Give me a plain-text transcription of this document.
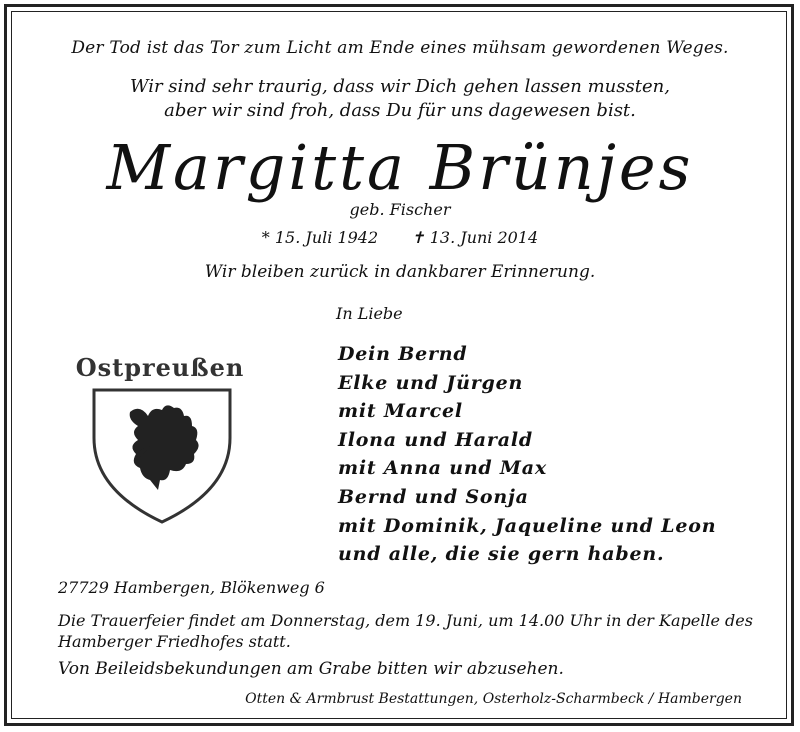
Der Tod ist das Tor zum Licht am Ende eines mühsam gewordenen Weges.
Wir sind sehr traurig, dass wir Dich gehen lassen mussten,
aber wir sind froh, dass Du für uns dagewesen bist.
Margitta Brünjes
geb. Fischer
* 15. Juli 1942 ✝ 13. Juni 2014
Wir bleiben zurück in dankbarer Erinnerung.
In Liebe
Dein Bernd
Elke und Jürgen
mit Marcel
Ilona und Harald
mit Anna und Max
Bernd und Sonja
mit Dominik, Jaqueline und Leon
und alle, die sie gern haben.
Ostpreußen
27729 Hambergen, Blökenweg 6
Die Trauerfeier findet am Donnerstag, dem 19. Juni, um 14.00 Uhr in der Kapelle des Hamberger Friedhofes statt.
Von Beileidsbekundungen am Grabe bitten wir abzusehen.
Otten & Armbrust Bestattungen, Osterholz-Scharmbeck / Hambergen
